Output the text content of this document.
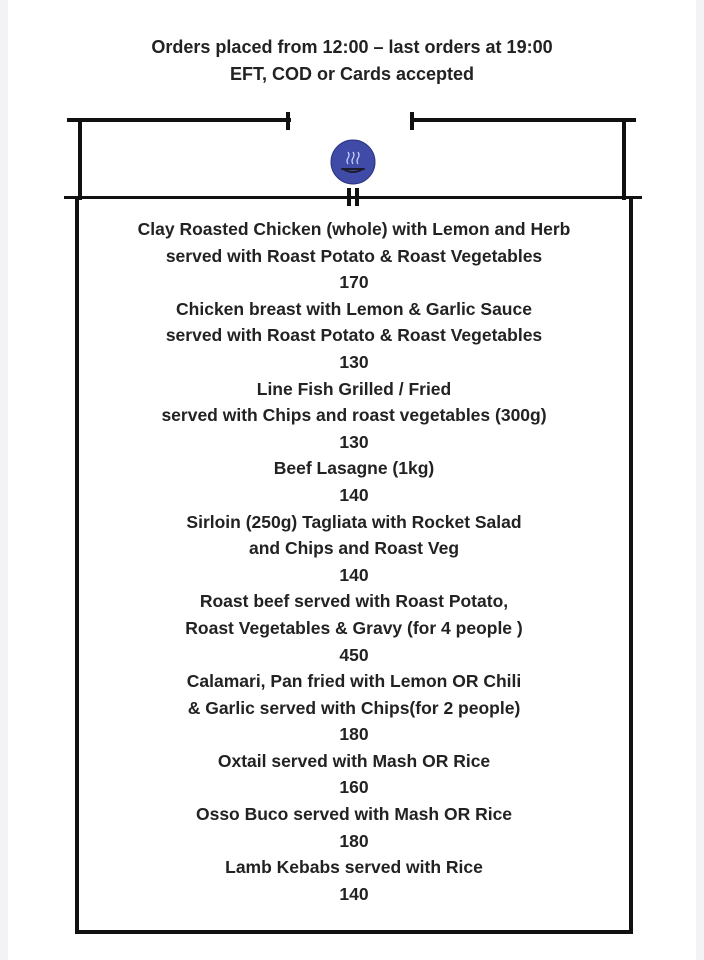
Orders placed from 12:00 – last orders at 19:00
EFT, COD or Cards accepted
Clay Roasted Chicken (whole) with Lemon and Herb
served with Roast Potato & Roast Vegetables
170
Chicken breast with Lemon & Garlic Sauce
served with Roast Potato & Roast Vegetables
130
Line Fish Grilled / Fried
served with Chips and roast vegetables (300g)
130
Beef Lasagne (1kg)
140
Sirloin (250g) Tagliata with Rocket Salad
and Chips and Roast Veg
140
Roast beef served with Roast Potato,
Roast Vegetables & Gravy (for 4 people )
450
Calamari, Pan fried with Lemon OR Chili
& Garlic served with Chips(for 2 people)
180
Oxtail served with Mash OR Rice
160
Osso Buco served with Mash OR Rice
180
Lamb Kebabs served with Rice
140
